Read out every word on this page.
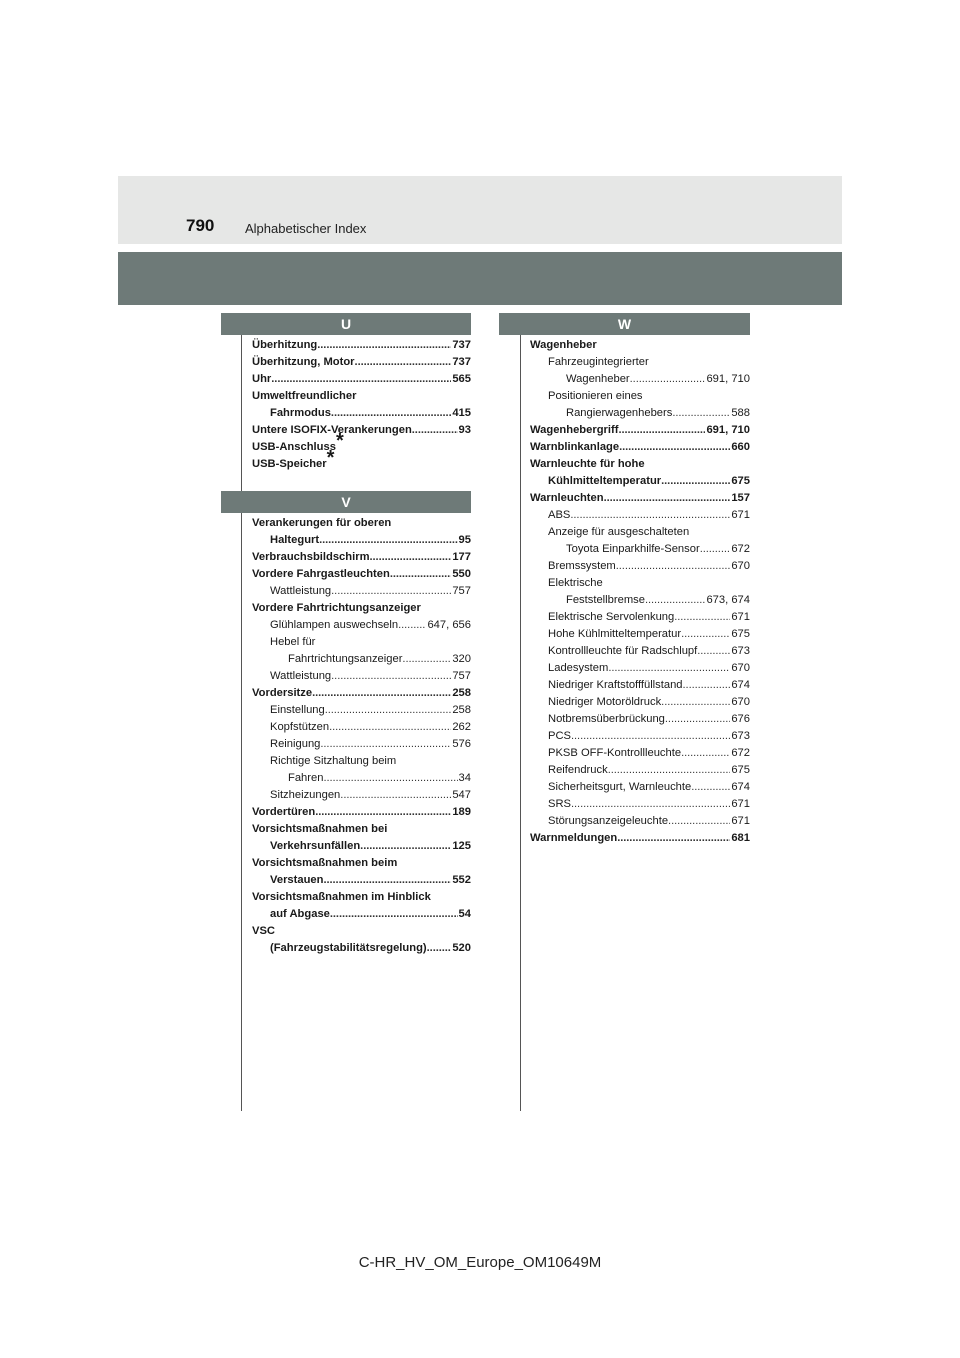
790 Alphabetischer Index
U
Überhitzung . . .	737
Überhitzung, Motor . . .	737
Uhr . . .	565
Umweltfreundlicher
Fahrmodus . . .	415
Untere ISOFIX-Verankerungen . . .	93
USB-Anschluss*
USB-Speicher*
V
Verankerungen für oberen
Haltegurt . . .	95
Verbrauchsbildschirm . . .	177
Vordere Fahrgastleuchten . . .	550
Wattleistung . . .	757
Vordere Fahrtrichtungsanzeiger
Glühlampen auswechseln . . .	647, 656
Hebel für
Fahrtrichtungsanzeiger . . .	320
Wattleistung . . .	757
Vordersitze . . .	258
Einstellung . . .	258
Kopfstützen . . .	262
Reinigung . . .	576
Richtige Sitzhaltung beim
Fahren . . .	34
Sitzheizungen . . .	547
Vordertüren . . .	189
Vorsichtsmaßnahmen bei
Verkehrsunfällen . . .	125
Vorsichtsmaßnahmen beim
Verstauen . . .	552
Vorsichtsmaßnahmen im Hinblick
auf Abgase . . .	54
VSC
(Fahrzeugstabilitätsregelung) . . . 520
W
Wagenheber
Fahrzeugintegrierter
Wagenheber . . .	691, 710
Positionieren eines
Rangierwagenhebers . . .	588
Wagenhebergriff . . .	691, 710
Warnblinkanlage . . .	660
Warnleuchte für hohe
Kühlmitteltemperatur . . .	675
Warnleuchten . . .	157
ABS . . .	671
Anzeige für ausgeschalteten
Toyota Einparkhilfe-Sensor . . .	672
Bremssystem . . .	670
Elektrische
Feststellbremse . . .	673, 674
Elektrische Servolenkung . . .	671
Hohe Kühlmitteltemperatur . . .	675
Kontrollleuchte für Radschlupf . . .	673
Ladesystem . . .	670
Niedriger Kraftstofffüllstand . . .	674
Niedriger Motoröldruck . . .	670
Notbremsüberbrückung . . .	676
PCS . . .	673
PKSB OFF-Kontrollleuchte . . .	672
Reifendruck . . .	675
Sicherheitsgurt, Warnleuchte . . .	674
SRS . . .	671
Störungsanzeigeleuchte . . .	671
Warnmeldungen . . .	681
C-HR_HV_OM_Europe_OM10649M
